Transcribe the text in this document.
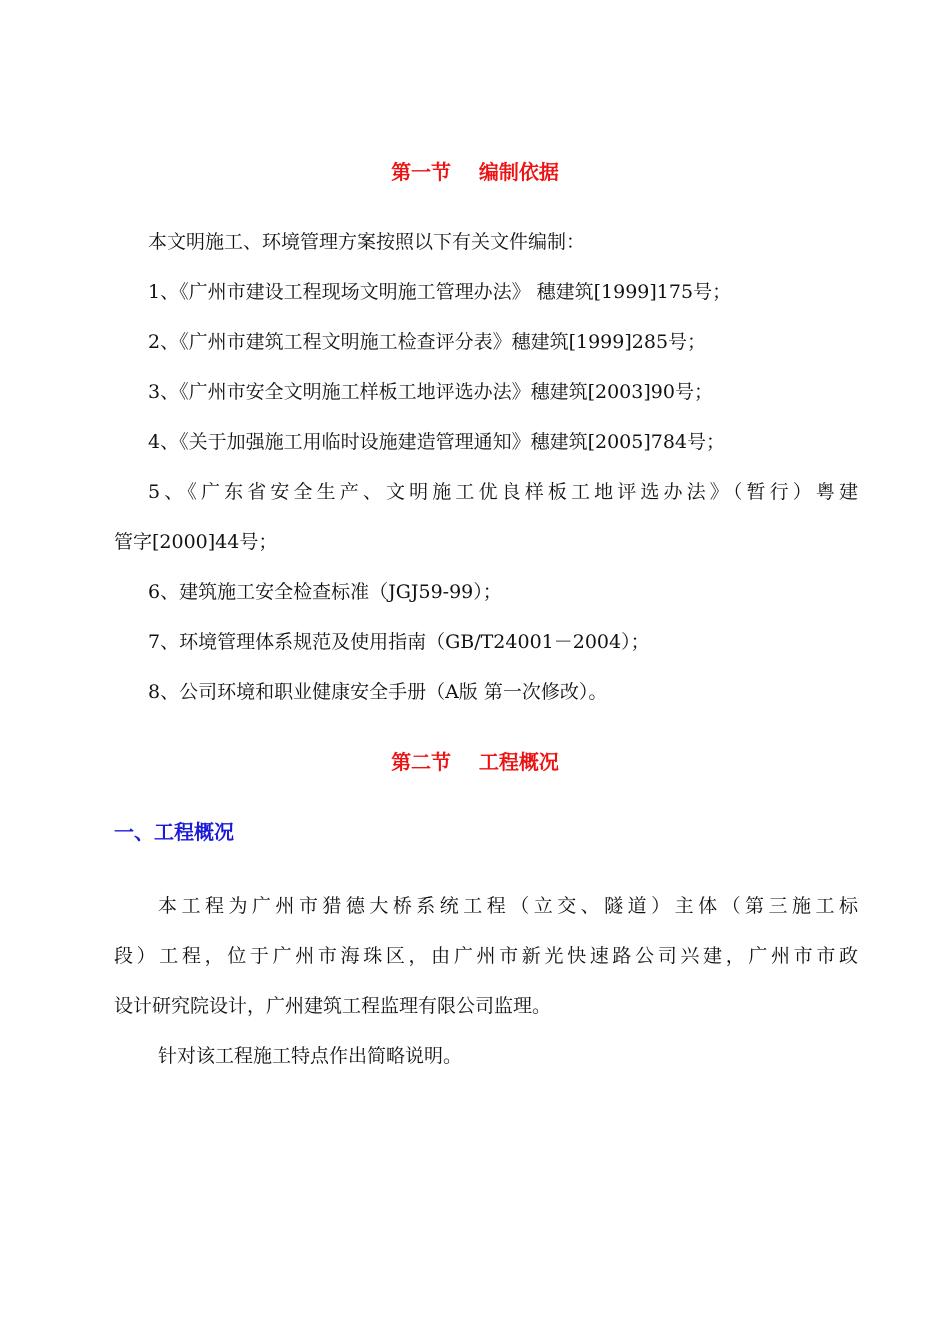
第一节    编制依据
本文明施工、环境管理方案按照以下有关文件编制：
1、《广州市建设工程现场文明施工管理办法》 穗建筑[1999]175号；
2、《广州市建筑工程文明施工检查评分表》穗建筑[1999]285号；
3、《广州市安全文明施工样板工地评选办法》穗建筑[2003]90号；
4、《关于加强施工用临时设施建造管理通知》穗建筑[2005]784号；
5、《广东省安全生产、文明施工优良样板工地评选办法》（暂行）粤建
管字[2000]44号；
6、建筑施工安全检查标准（JGJ59-99）；
7、环境管理体系规范及使用指南（GB/T24001－2004）；
8、公司环境和职业健康安全手册（A版 第一次修改）。
第二节    工程概况
一、工程概况
本工程为广州市猎德大桥系统工程（立交、隧道）主体（第三施工标
段）工程，位于广州市海珠区，由广州市新光快速路公司兴建，广州市市政
设计研究院设计，广州建筑工程监理有限公司监理。
针对该工程施工特点作出简略说明。
